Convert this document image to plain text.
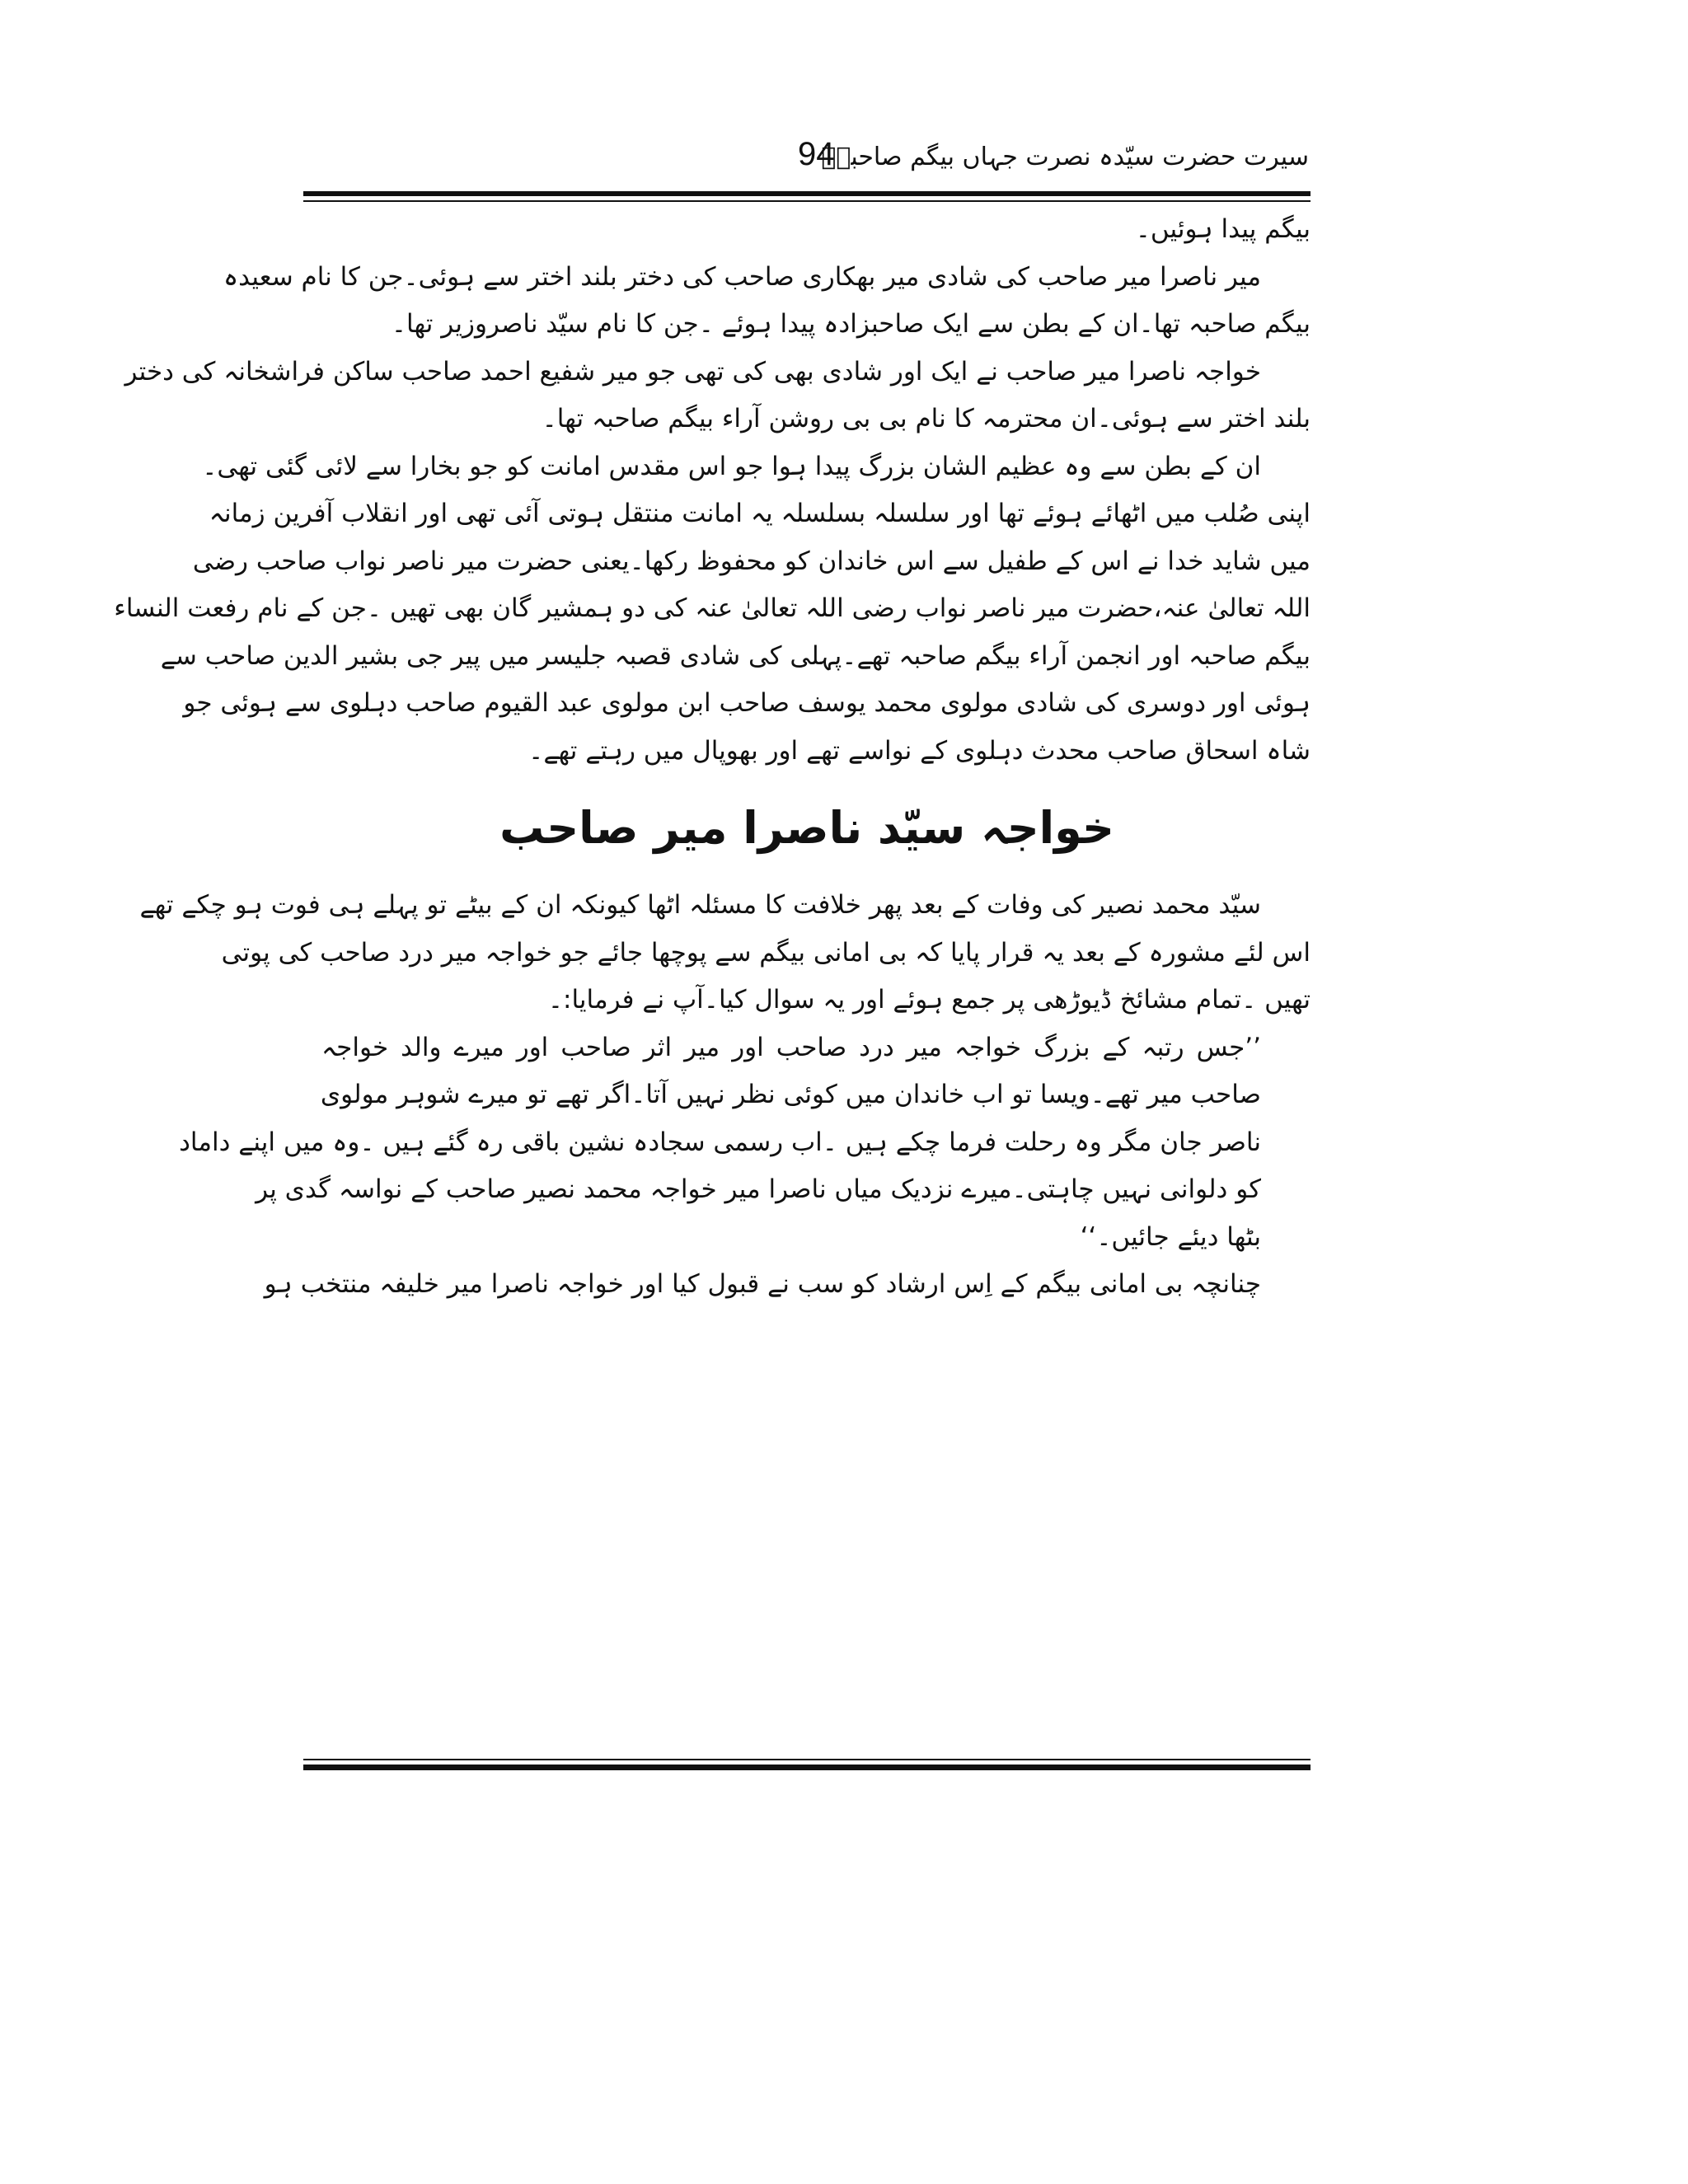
سیرت حضرت سیّدہ نصرت جہاں بیگم صاحبہؓ
94
بیگم پیدا ہوئیں۔
میر ناصرا میر صاحب کی شادی میر بھکاری صاحب کی دختر بلند اختر سے ہوئی۔جن کا نام سعیدہ
بیگم صاحبہ تھا۔ان کے بطن سے ایک صاحبزادہ پیدا ہوئے ۔جن کا نام سیّد ناصروزیر تھا۔
خواجہ ناصرا میر صاحب نے ایک اور شادی بھی کی تھی جو میر شفیع احمد صاحب ساکن فراشخانہ کی دختر
بلند اختر سے ہوئی۔ان محترمہ کا نام بی بی روشن آراء بیگم صاحبہ تھا۔
ان کے بطن سے وہ عظیم الشان بزرگ پیدا ہوا جو اس مقدس امانت کو جو بخارا سے لائی گئی تھی۔
اپنی صُلب میں اٹھائے ہوئے تھا اور سلسلہ بسلسلہ یہ امانت منتقل ہوتی آئی تھی اور انقلاب آفرین زمانہ
میں شاید خدا نے اس کے طفیل سے اس خاندان کو محفوظ رکھا۔یعنی حضرت میر ناصر نواب صاحب رضی
اللہ تعالیٰ عنہ،حضرت میر ناصر نواب رضی اللہ تعالیٰ عنہ کی دو ہمشیر گان بھی تھیں ۔جن کے نام رفعت النساء
بیگم صاحبہ اور انجمن آراء بیگم صاحبہ تھے۔پہلی کی شادی قصبہ جلیسر میں پیر جی بشیر الدین صاحب سے
ہوئی اور دوسری کی شادی مولوی محمد یوسف صاحب ابن مولوی عبد القیوم صاحب دہلوی سے ہوئی جو
شاہ اسحاق صاحب محدث دہلوی کے نواسے تھے اور بھوپال میں رہتے تھے۔
خواجہ سیّد ناصرا میر صاحب
سیّد محمد نصیر کی وفات کے بعد پھر خلافت کا مسئلہ اٹھا کیونکہ ان کے بیٹے تو پہلے ہی فوت ہو چکے تھے
اس لئے مشورہ کے بعد یہ قرار پایا کہ بی امانی بیگم سے پوچھا جائے جو خواجہ میر درد صاحب کی پوتی
تھیں ۔تمام مشائخ ڈیوڑھی پر جمع ہوئے اور یہ سوال کیا۔آپ نے فرمایا:۔
’’جس رتبہ کے بزرگ خواجہ میر درد صاحب اور میر اثر صاحب اور میرے والد خواجہ
صاحب میر تھے۔ویسا تو اب خاندان میں کوئی نظر نہیں آتا۔اگر تھے تو میرے شوہر مولوی
ناصر جان مگر وہ رحلت فرما چکے ہیں ۔اب رسمی سجادہ نشین باقی رہ گئے ہیں ۔وہ میں اپنے داماد
کو دلوانی نہیں چاہتی۔میرے نزدیک میاں ناصرا میر خواجہ محمد نصیر صاحب کے نواسہ گدی پر
بٹھا دیئے جائیں۔‘‘
چنانچہ بی امانی بیگم کے اِس ارشاد کو سب نے قبول کیا اور خواجہ ناصرا میر خلیفہ منتخب ہو
